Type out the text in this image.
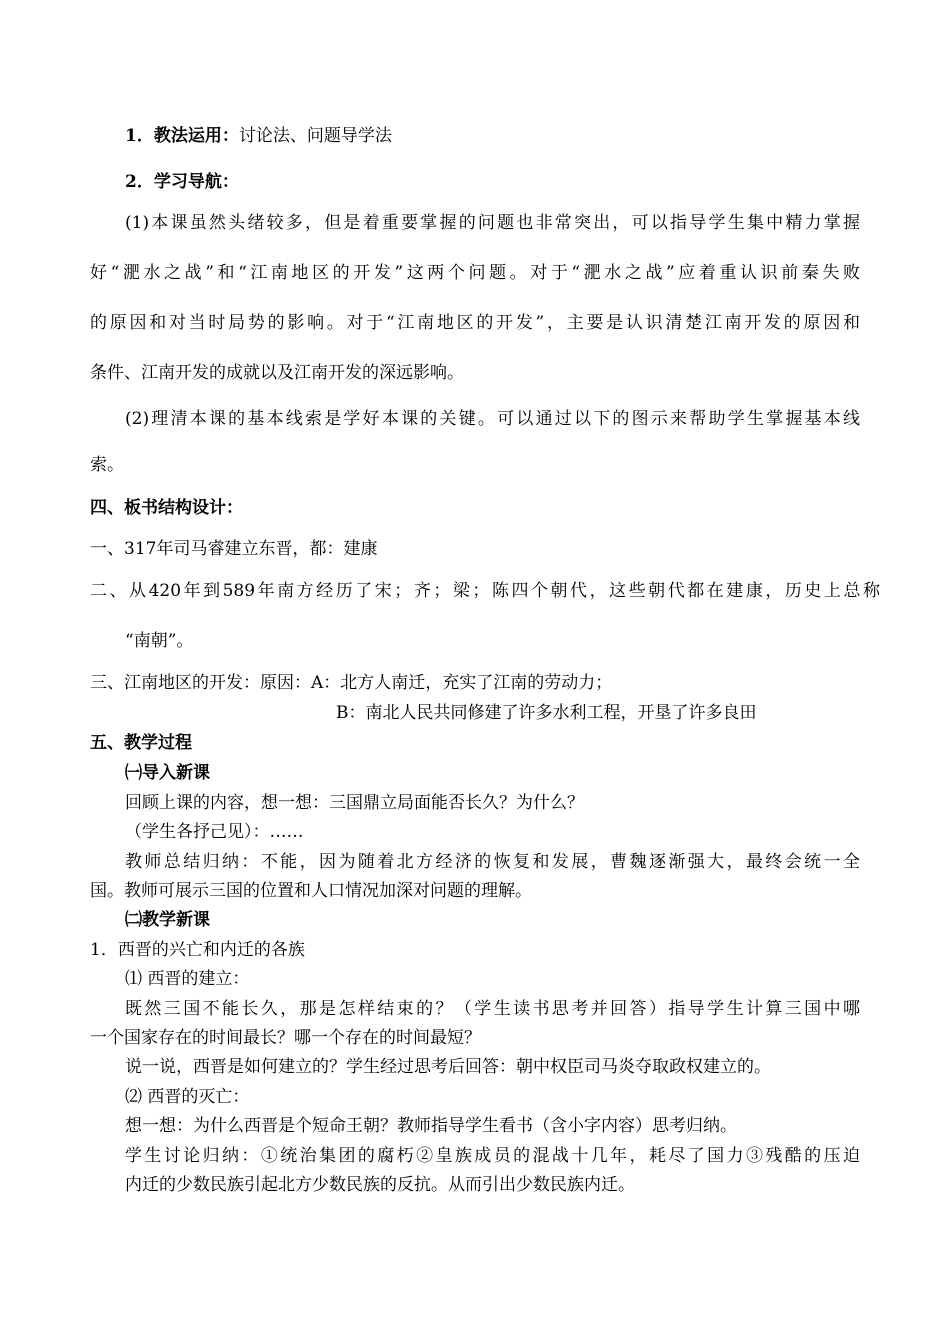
1．教法运用：讨论法、问题导学法
2．学习导航：
(1)本课虽然头绪较多，但是着重要掌握的问题也非常突出，可以指导学生集中精力掌握
好“淝水之战”和“江南地区的开发”这两个问题。对于“淝水之战”应着重认识前秦失败
的原因和对当时局势的影响。对于“江南地区的开发”，主要是认识清楚江南开发的原因和
条件、江南开发的成就以及江南开发的深远影响。
(2)理清本课的基本线索是学好本课的关键。可以通过以下的图示来帮助学生掌握基本线
索。
四、板书结构设计：
一、317年司马睿建立东晋，都：建康
二、从420年到589年南方经历了宋；齐；梁；陈四个朝代，这些朝代都在建康，历史上总称
“南朝”。
三、江南地区的开发：原因：A：北方人南迁，充实了江南的劳动力；
B：南北人民共同修建了许多水利工程，开垦了许多良田
五、教学过程
㈠导入新课
回顾上课的内容，想一想：三国鼎立局面能否长久？为什么？
（学生各抒己见）：……
教师总结归纳：不能，因为随着北方经济的恢复和发展，曹魏逐渐强大，最终会统一全
国。教师可展示三国的位置和人口情况加深对问题的理解。
㈡教学新课
1．西晋的兴亡和内迁的各族
⑴ 西晋的建立：
既然三国不能长久，那是怎样结束的？（学生读书思考并回答）指导学生计算三国中哪
一个国家存在的时间最长？哪一个存在的时间最短？
说一说，西晋是如何建立的？学生经过思考后回答：朝中权臣司马炎夺取政权建立的。
⑵ 西晋的灭亡：
想一想：为什么西晋是个短命王朝？教师指导学生看书（含小字内容）思考归纳。
学生讨论归纳：①统治集团的腐朽②皇族成员的混战十几年，耗尽了国力③残酷的压迫
内迁的少数民族引起北方少数民族的反抗。从而引出少数民族内迁。
